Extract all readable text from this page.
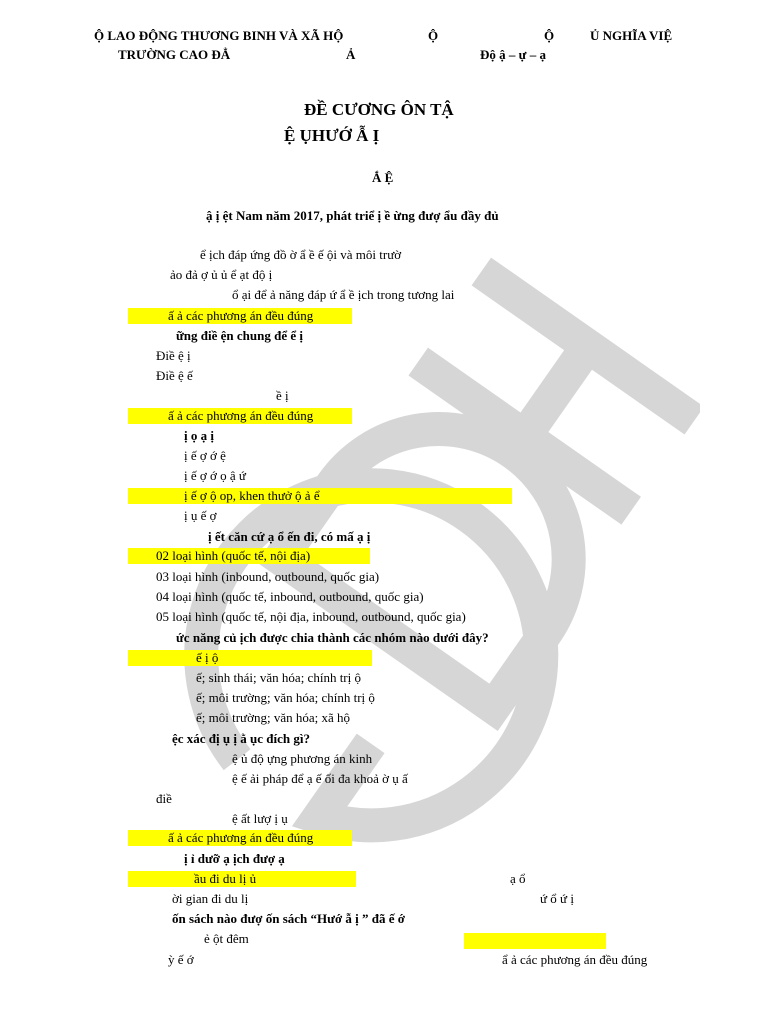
Ộ LAO ĐỘNG THƯƠNG BINH VÀ XÃ HỘ	Ộ	Ộ	Ủ NGHĨA VIỆ
TRƯỜNG CAO ĐẲ	Ả	Độ ậ – ự – ạ
ĐỀ CƯƠNG ÔN TẬ
Ệ ỤHƯỚ Ẫ Ị
Ắ Ệ
ậ ị ệt Nam năm 2017, phát triể ị ề ừng đượ ẩu đầy đủ
ể ịch đáp ứng đồ ờ ẩ ề ế ội và môi trườ
ảo đả ợ ủ ủ ể ạt độ ị
ổ ại để ả năng đáp ứ ẩ ề ịch trong tương lai
ấ ả các phương án đều đúng
ững điề ện chung để ể ị
Điề ệ ị
Điề ệ ế
ề ị
ấ ả các phương án đều đúng
ị ọ ạ ị
ị ế ợ ớ ệ
ị ế ợ ớ ọ ậ ứ
ị ế ợ ộ op, khen thưở ộ ả ể
ị ụ ế ợ
ị ết căn cứ ạ ổ ến đi, có mấ ạ ị
02 loại hình (quốc tế, nội địa)
03 loại hình (inbound, outbound, quốc gia)
04 loại hình (quốc tế, inbound, outbound, quốc gia)
05 loại hình (quốc tế, nội địa, inbound, outbound, quốc gia)
ức năng củ ịch được chia thành các nhóm nào dưới đây?
ế ị ộ
ế; sinh thái; văn hóa; chính trị ộ
ế; môi trường; văn hóa; chính trị ộ
ế; môi trường; văn hóa; xã hộ
ệc xác đị ụ ị ằ ục đích gì?
ệ ủ độ ựng phương án kinh
ệ ế ải pháp để ạ ế ối đa khoả ờ ụ ấ
điề
ệ ất lượ ị ụ
ấ ả các phương án đều đúng
ị ỉ dưỡ ạ ịch đượ ạ
ầu đi du lị ủ	ạ ổ
ời gian đi du lị	ứ ổ ứ ị
ốn sách nào đượ ốn sách “Hướ ẫ ị ” đã ế ớ
ẻ ột đêm
ỳ ế ớ	ẩ ả các phương án đều đúng
